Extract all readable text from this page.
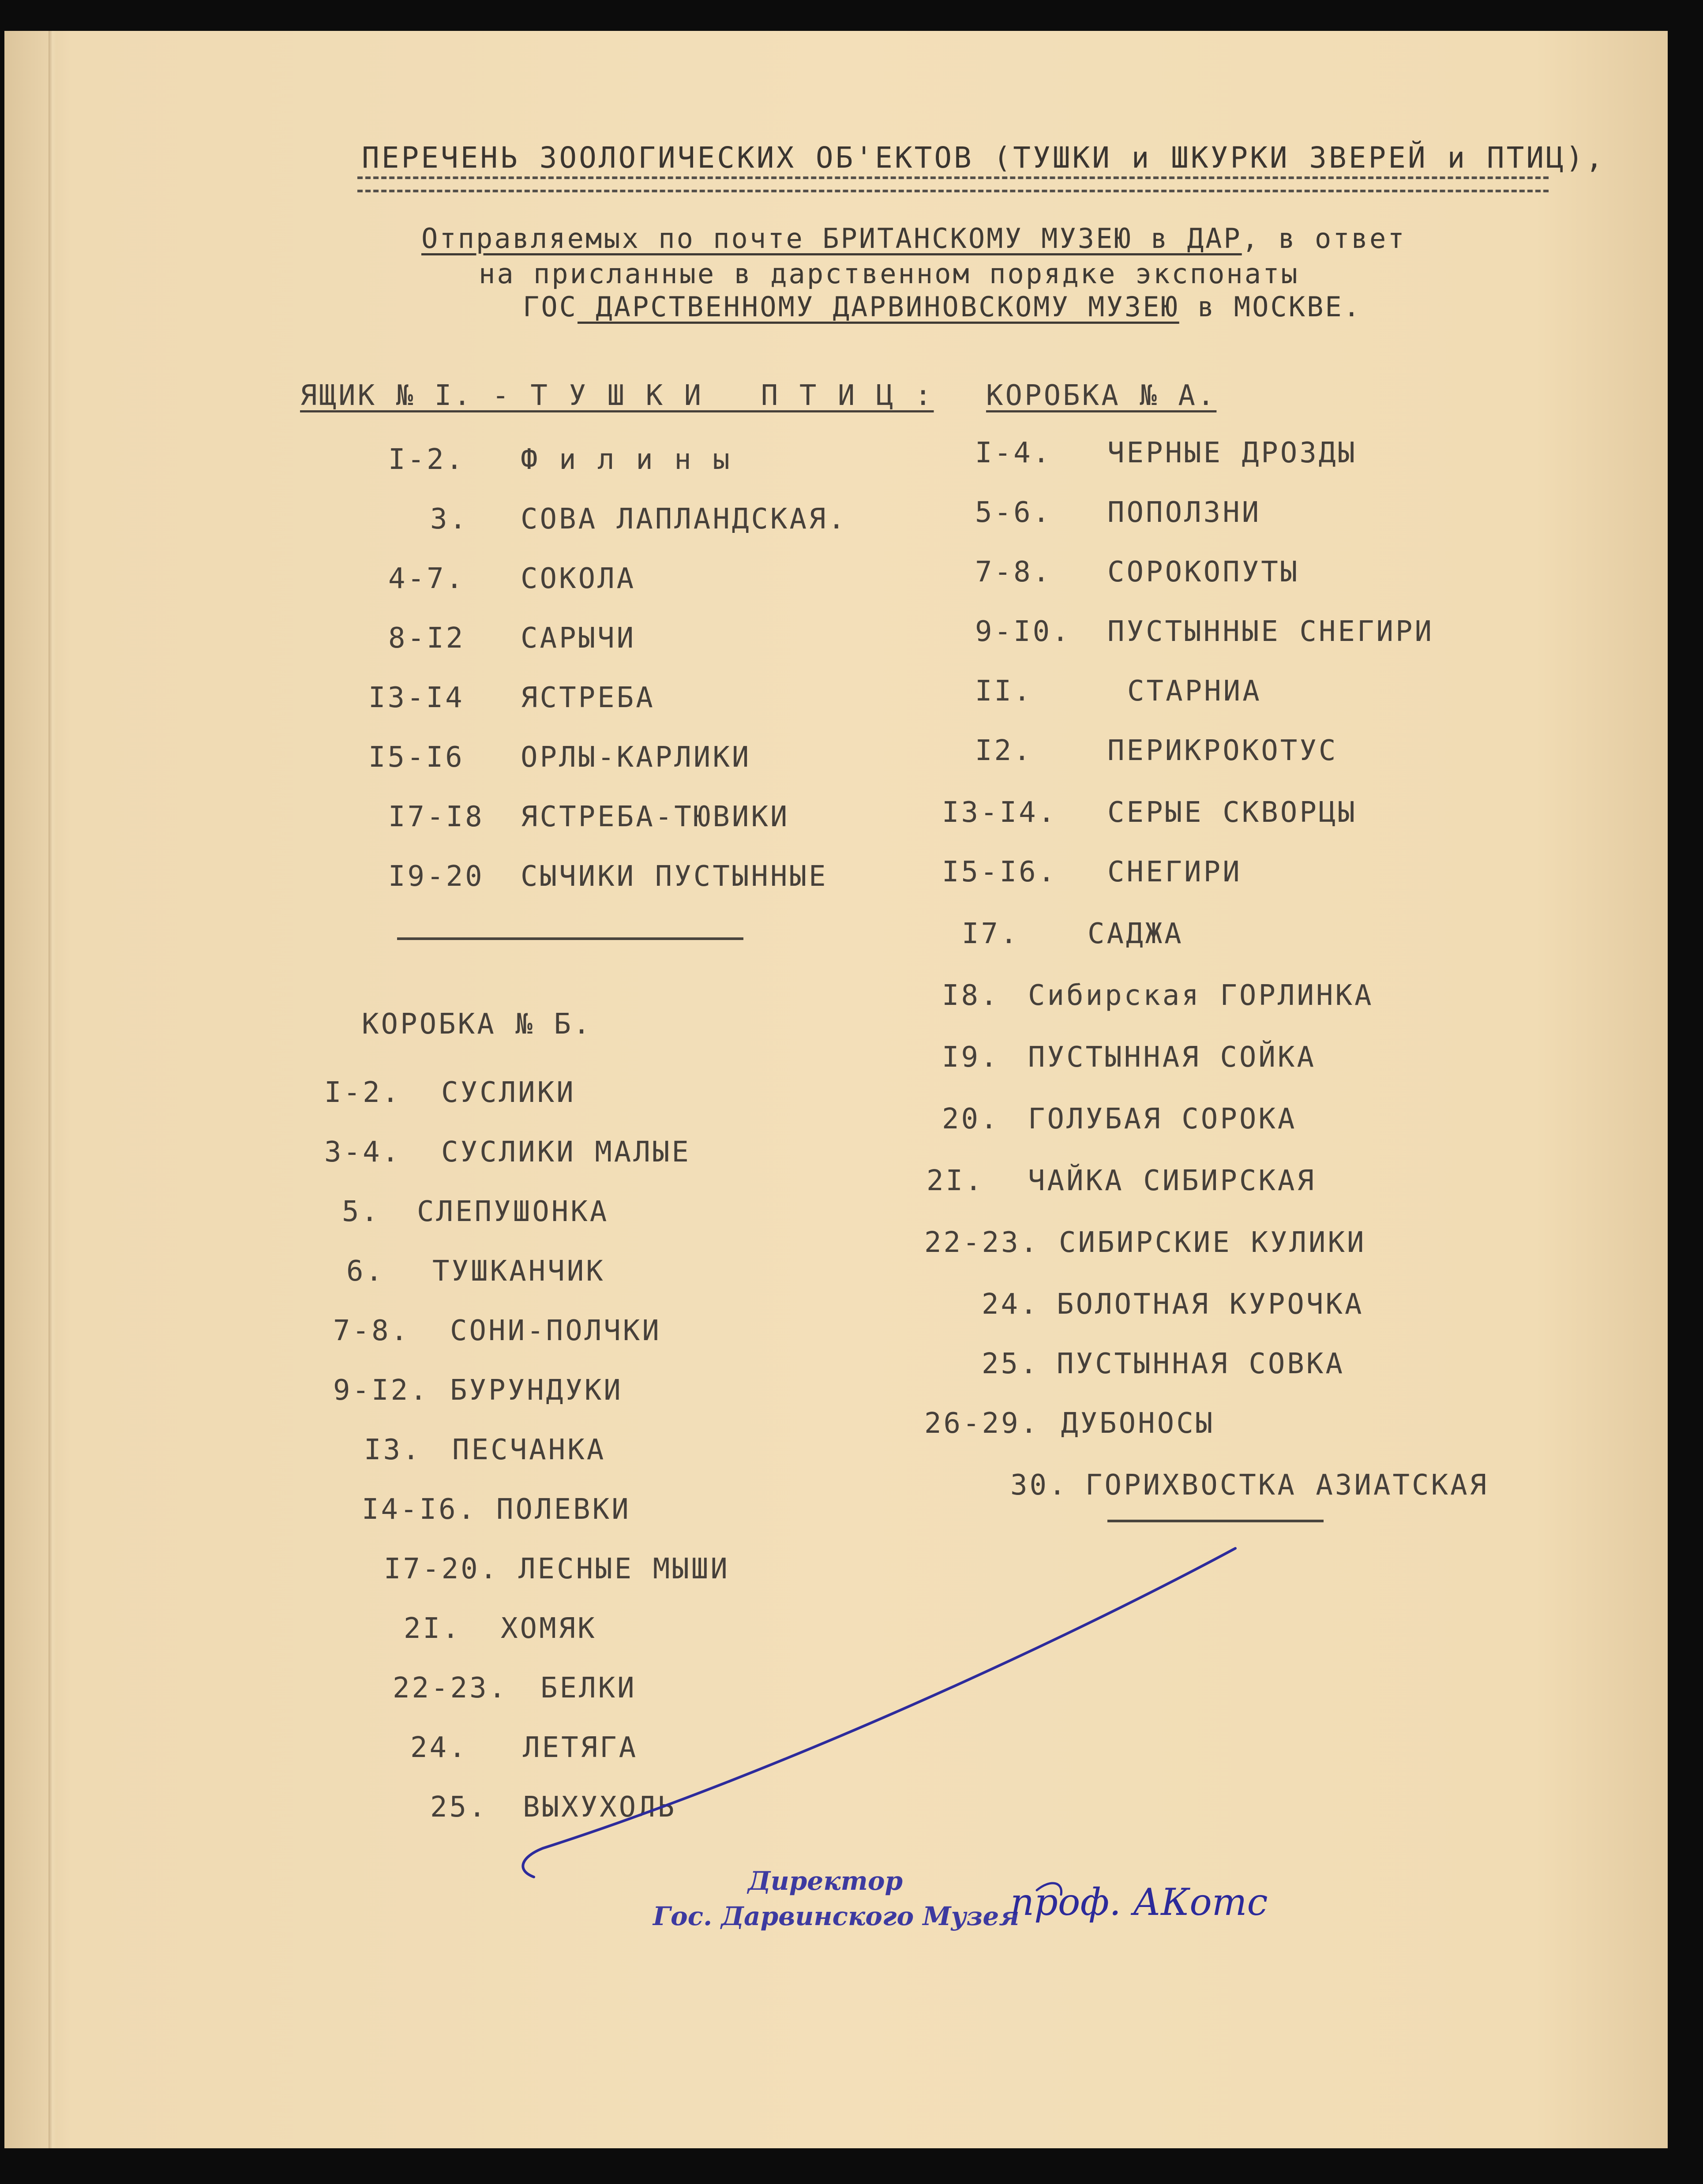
ПЕРЕЧЕНЬ ЗООЛОГИЧЕСКИХ ОБ'ЕКТОВ (ТУШКИ и ШКУРКИ ЗВЕРЕЙ и ПТИЦ),
Отправляемых по почте БРИТАНСКОМУ МУЗЕЮ в ДАР, в ответ
на присланные в дарственном порядке экспонаты
ГОС ДАРСТВЕННОМУ ДАРВИНОВСКОМУ МУЗЕЮ в МОСКВЕ.
ЯЩИК № I. - Т У Ш К И   П Т И Ц :
I-2. Ф и л и н ы
3. СОВА ЛАПЛАНДСКАЯ.
4-7. СОКОЛА
8-I2 САРЫЧИ
I3-I4 ЯСТРЕБА
I5-I6 ОРЛЫ-КАРЛИКИ
I7-I8 ЯСТРЕБА-ТЮВИКИ
I9-20 СЫЧИКИ ПУСТЫННЫЕ
КОРОБКА № Б.
I-2. СУСЛИКИ
3-4. СУСЛИКИ МАЛЫЕ
5. СЛЕПУШОНКА
6. ТУШКАНЧИК
7-8. СОНИ-ПОЛЧКИ
9-I2. БУРУНДУКИ
I3. ПЕСЧАНКА
I4-I6. ПОЛЕВКИ
I7-20. ЛЕСНЫЕ МЫШИ
2I. ХОМЯК
22-23. БЕЛКИ
24. ЛЕТЯГА
25. ВЫХУХОЛЬ
КОРОБКА № А.
I-4. ЧЕРНЫЕ ДРОЗДЫ
5-6. ПОПОЛЗНИ
7-8. СОРОКОПУТЫ
9-I0. ПУСТЫННЫЕ СНЕГИРИ
II.	СТАРНИА
I2.	ПЕРИКРОКОТУС
I3-I4. СЕРЫЕ СКВОРЦЫ
I5-I6. СНЕГИРИ
I7. САДЖА
I8. Сибирская ГОРЛИНКА
I9. ПУСТЫННАЯ СОЙКА
20. ГОЛУБАЯ СОРОКА
2I. ЧАЙКА СИБИРСКАЯ
22-23. СИБИРСКИЕ КУЛИКИ
24. БОЛОТНАЯ КУРОЧКА
25. ПУСТЫННАЯ СОВКА
26-29. ДУБОНОСЫ
30. ГОРИХВОСТКА АЗИАТСКАЯ
Директор
Гос. Дарвинского Музея
проф. АКотс
